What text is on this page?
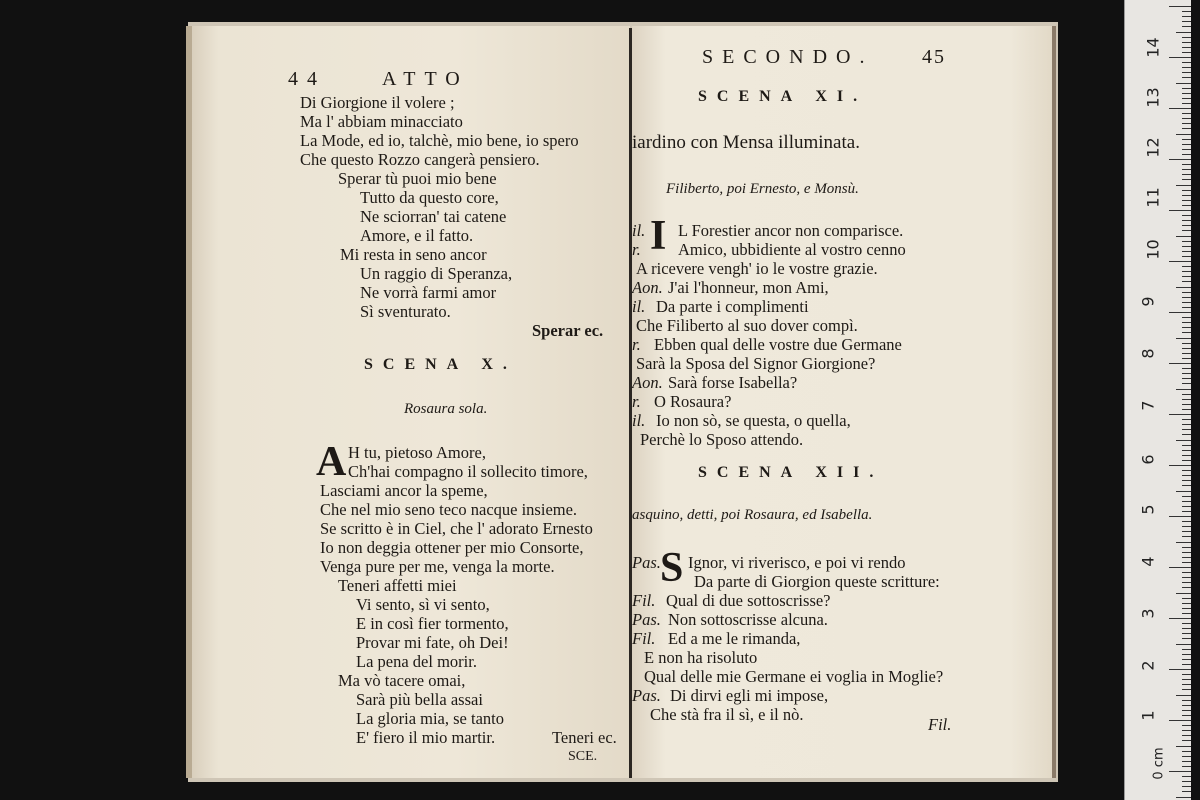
44	ATTO
Di Giorgione il volere ;
Ma l' abbiam minacciato
La Mode, ed io, talchè, mio bene, io spero
Che questo Rozzo cangerà pensiero.
Sperar tù puoi mio bene
Tutto da questo core,
Ne sciorran' tai catene
Amore, e il fatto.
Mi resta in seno ancor
Un raggio di Speranza,
Ne vorrà farmi amor
Sì sventurato.
Sperar ec.
SCENA X.
Rosaura sola.
A H tu, pietoso Amore,
Ch'hai compagno il sollecito timore,
Lasciami ancor la speme,
Che nel mio seno teco nacque insieme.
Se scritto è in Ciel, che l' adorato Ernesto
Io non deggia ottener per mio Consorte,
Venga pure per me, venga la morte.
Teneri affetti miei
Vi sento, sì vi sento,
E in così fier tormento,
Provar mi fate, oh Dei!
La pena del morir.
Ma vò tacere omai,
Sarà più bella assai
La gloria mia, se tanto
E' fiero il mio martir.	Teneri ec.
SCE.
SECONDO. 45
SCENA XI.
iardino con Mensa illuminata.
Filiberto, poi Ernesto, e Monsù.
I
il. L Forestier ancor non comparisce.
r. Amico, ubbidiente al vostro cenno
A ricevere vengh' io le vostre grazie.
Aon. J'ai l'honneur, mon Ami,
il. Da parte i complimenti
Che Filiberto al suo dover compì.
r. Ebben qual delle vostre due Germane
Sarà la Sposa del Signor Giorgione?
Aon. Sarà forse Isabella?
r. O Rosaura?
il. Io non sò, se questa, o quella,
Perchè lo Sposo attendo.
SCENA XII.
asquino, detti, poi Rosaura, ed Isabella.
S
Pas. Ignor, vi riverisco, e poi vi rendo
Da parte di Giorgion queste scritture:
Fil. Qual di due sottoscrisse?
Pas. Non sottoscrisse alcuna.
Fil. Ed a me le rimanda,
E non ha risoluto
Qual delle mie Germane ei voglia in Moglie?
Pas. Di dirvi egli mi impose,
Che stà fra il sì, e il nò.
Fil.
14
13
12
11
10
9
8
7
6
5
4
3
2
1
0 cm
